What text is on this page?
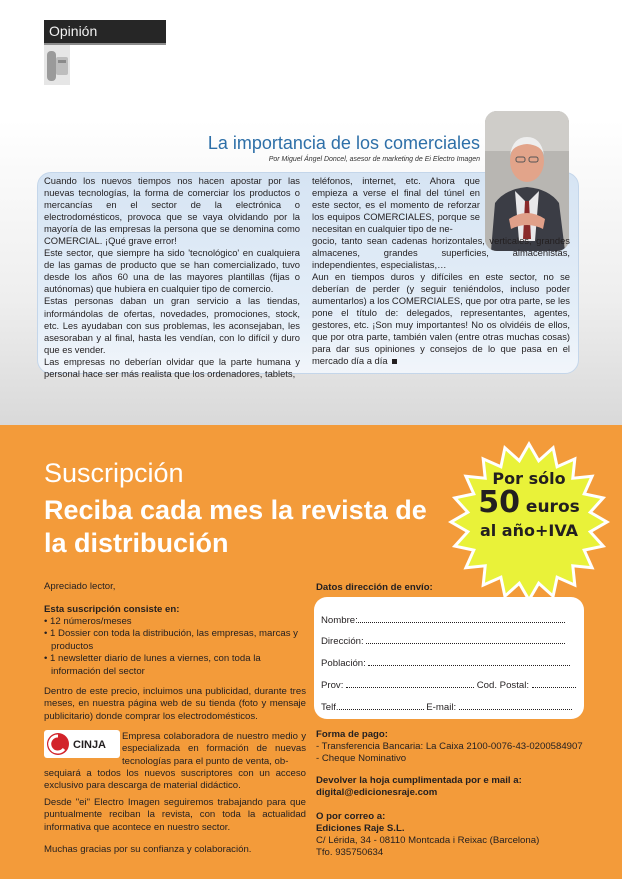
Opinión
La importancia de los comerciales
Por Miguel Ángel Doncel, asesor de marketing de Ei Electro Imagen

Cuando los nuevos tiempos nos hacen apostar por las nuevas tecnologías, la forma de comerciar los productos o mercancías en el sector de la electrónica o electrodomésticos, provoca que se vaya olvidando por la mayoría de las empresas la persona que se denomina como COMERCIAL. ¡Qué grave error!

Este sector, que siempre ha sido 'tecnológico' en cualquiera de las gamas de producto que se han comercializado, tuvo desde los años 60 una de las mayores plantillas (fijas o autónomas) que hubiera en cualquier tipo de comercio.

Estas personas daban un gran servicio a las tiendas, informándolas de ofertas, novedades, promociones, stock, etc. Les ayudaban con sus problemas, les aconsejaban, les asesoraban y al final, hasta les vendían, con lo difícil y duro que es vender.

Las empresas no deberían olvidar que la parte humana y personal hace ser más realista que los ordenadores, tablets,

teléfonos, internet, etc. Ahora que empieza a verse el final del túnel en este sector, es el momento de reforzar los equipos COMERCIALES, porque se necesitan en cualquier tipo de ne-

gocio, tanto sean cadenas horizontales, verticales, grandes almacenes, grandes superficies, almacenistas, independientes, especialistas,…

Aun en tiempos duros y difíciles en este sector, no se deberían de perder (y seguir teniéndolos, incluso poder aumentarlos) a los COMERCIALES, que por otra parte, se les pone el título de: delegados, representantes, agentes, gestores, etc. ¡Son muy importantes! No os olvidéis de ellos, que por otra parte, también valen (entre otras muchas cosas) para dar sus opiniones y consejos de lo que pasa en el mercado día a día

Suscripción
Reciba cada mes la revista de la distribución
Por sólo
50 euros
al año+IVA
Apreciado lector,
Esta suscripción consiste en:
• 12 números/meses
• 1 Dossier con toda la distribución, las empresas, marcas y productos
• 1 newsletter diario de lunes a viernes, con toda la información del sector
Dentro de este precio, incluimos una publicidad, durante tres meses, en nuestra página web de su tienda (foto y mensaje publicitario) donde comprar los electrodomésticos.
CINJA
Empresa colaboradora de nuestro medio y especializada en formación de nuevas tecnologías para el punto de venta, ob-
sequiará a todos los nuevos suscriptores con un acceso exclusivo para descarga de material didáctico.
Desde "ei" Electro Imagen seguiremos trabajando para que puntualmente reciban la revista, con toda la actualidad informativa que acontece en nuestro sector.
Muchas gracias por su confianza y colaboración.
Datos dirección de envío:
Nombre:
Dirección:
Población:
Prov:	Cod. Postal:
Telf.	E-mail:
Forma de pago:
- Transferencia Bancaria: La Caixa 2100-0076-43-0200584907
- Cheque Nominativo
Devolver la hoja cumplimentada por e mail a:
digital@edicionesraje.com
O por correo a:
Ediciones Raje S.L.
C/ Lérida, 34 - 08110 Montcada i Reixac (Barcelona)
Tfo. 935750634
